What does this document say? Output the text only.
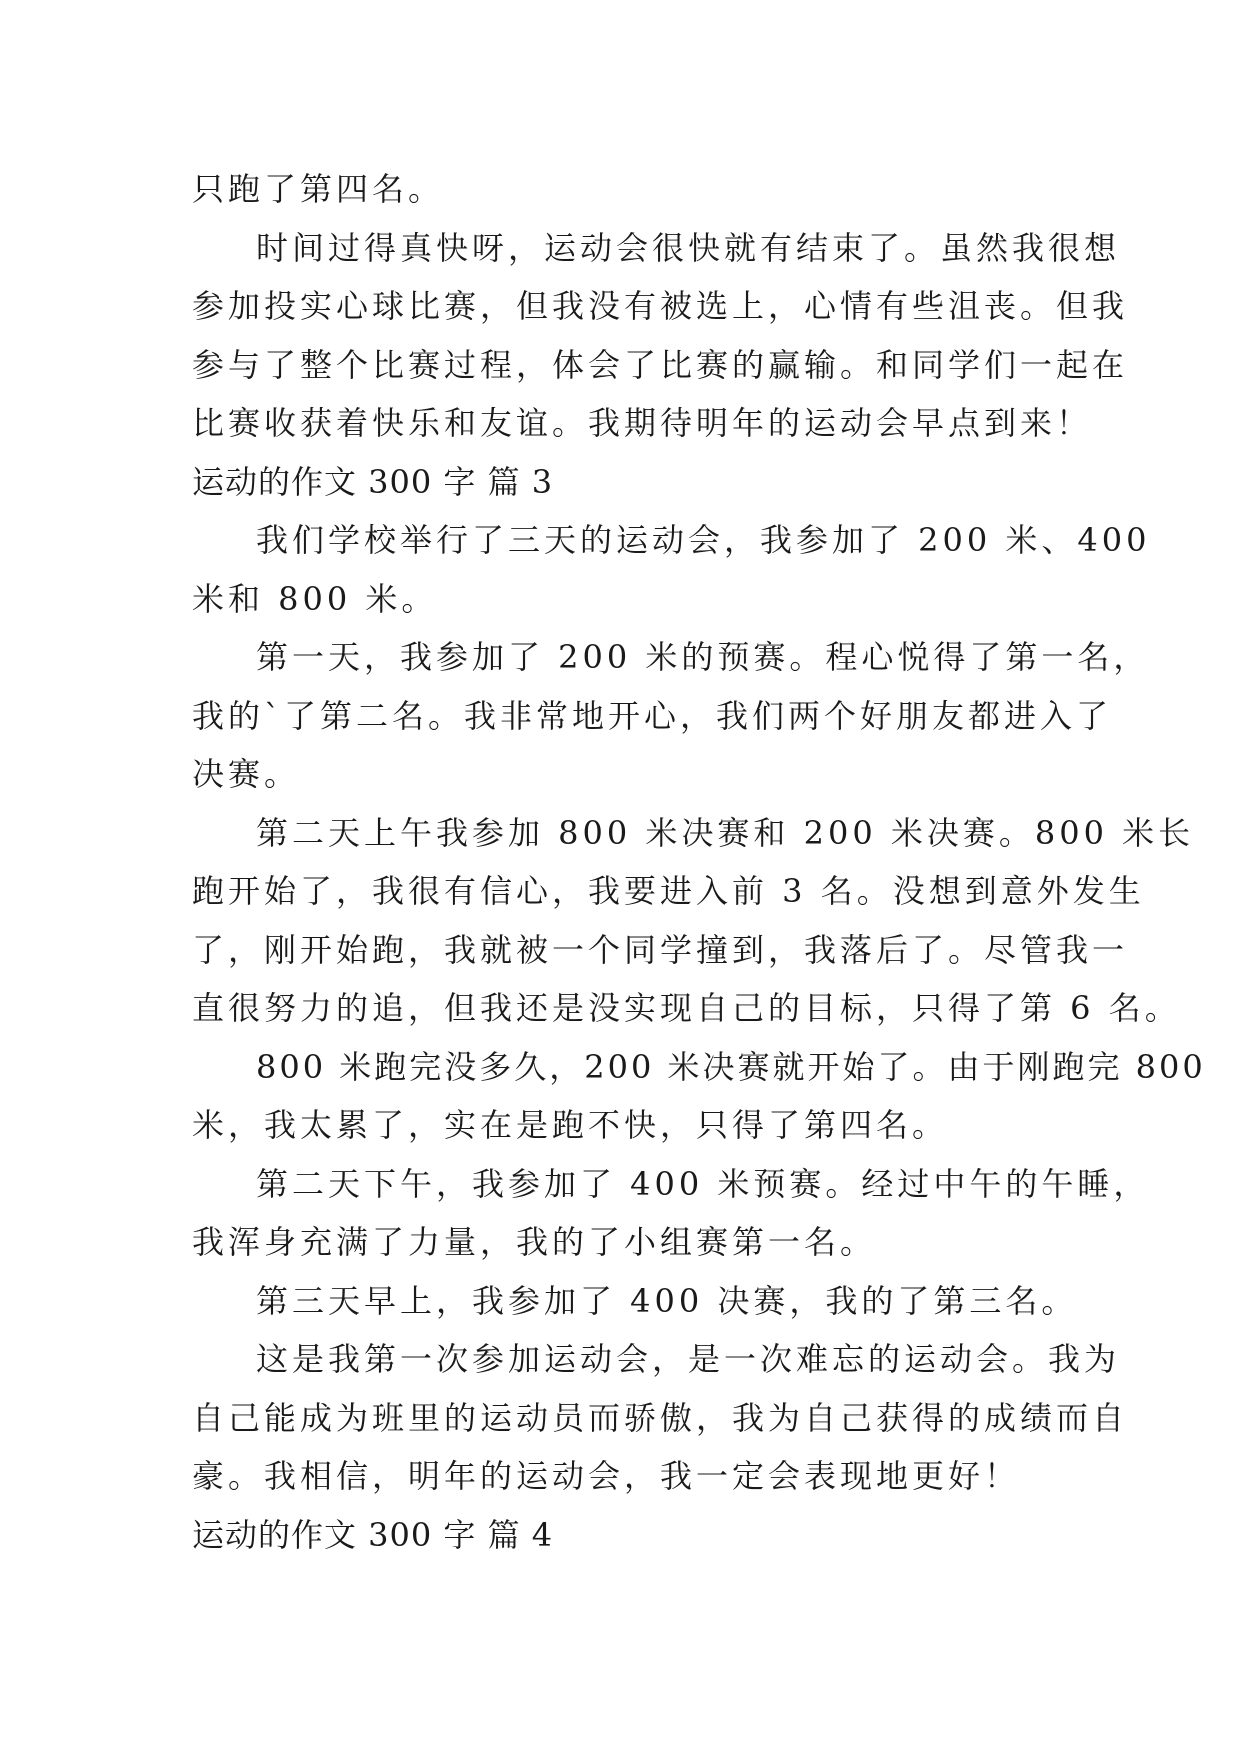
只跑了第四名。
时间过得真快呀，运动会很快就有结束了。虽然我很想
参加投实心球比赛，但我没有被选上，心情有些沮丧。但我
参与了整个比赛过程，体会了比赛的赢输。和同学们一起在
比赛收获着快乐和友谊。我期待明年的运动会早点到来！
运动的作文 300 字 篇 3
我们学校举行了三天的运动会，我参加了 200 米、400
米和 800 米。
第一天，我参加了 200 米的预赛。程心悦得了第一名，
我的`了第二名。我非常地开心，我们两个好朋友都进入了
决赛。
第二天上午我参加 800 米决赛和 200 米决赛。800 米长
跑开始了，我很有信心，我要进入前 3 名。没想到意外发生
了，刚开始跑，我就被一个同学撞到，我落后了。尽管我一
直很努力的追，但我还是没实现自己的目标，只得了第 6 名。
800 米跑完没多久，200 米决赛就开始了。由于刚跑完 800
米，我太累了，实在是跑不快，只得了第四名。
第二天下午，我参加了 400 米预赛。经过中午的午睡，
我浑身充满了力量，我的了小组赛第一名。
第三天早上，我参加了 400 决赛，我的了第三名。
这是我第一次参加运动会，是一次难忘的运动会。我为
自己能成为班里的运动员而骄傲，我为自己获得的成绩而自
豪。我相信，明年的运动会，我一定会表现地更好！
运动的作文 300 字 篇 4
